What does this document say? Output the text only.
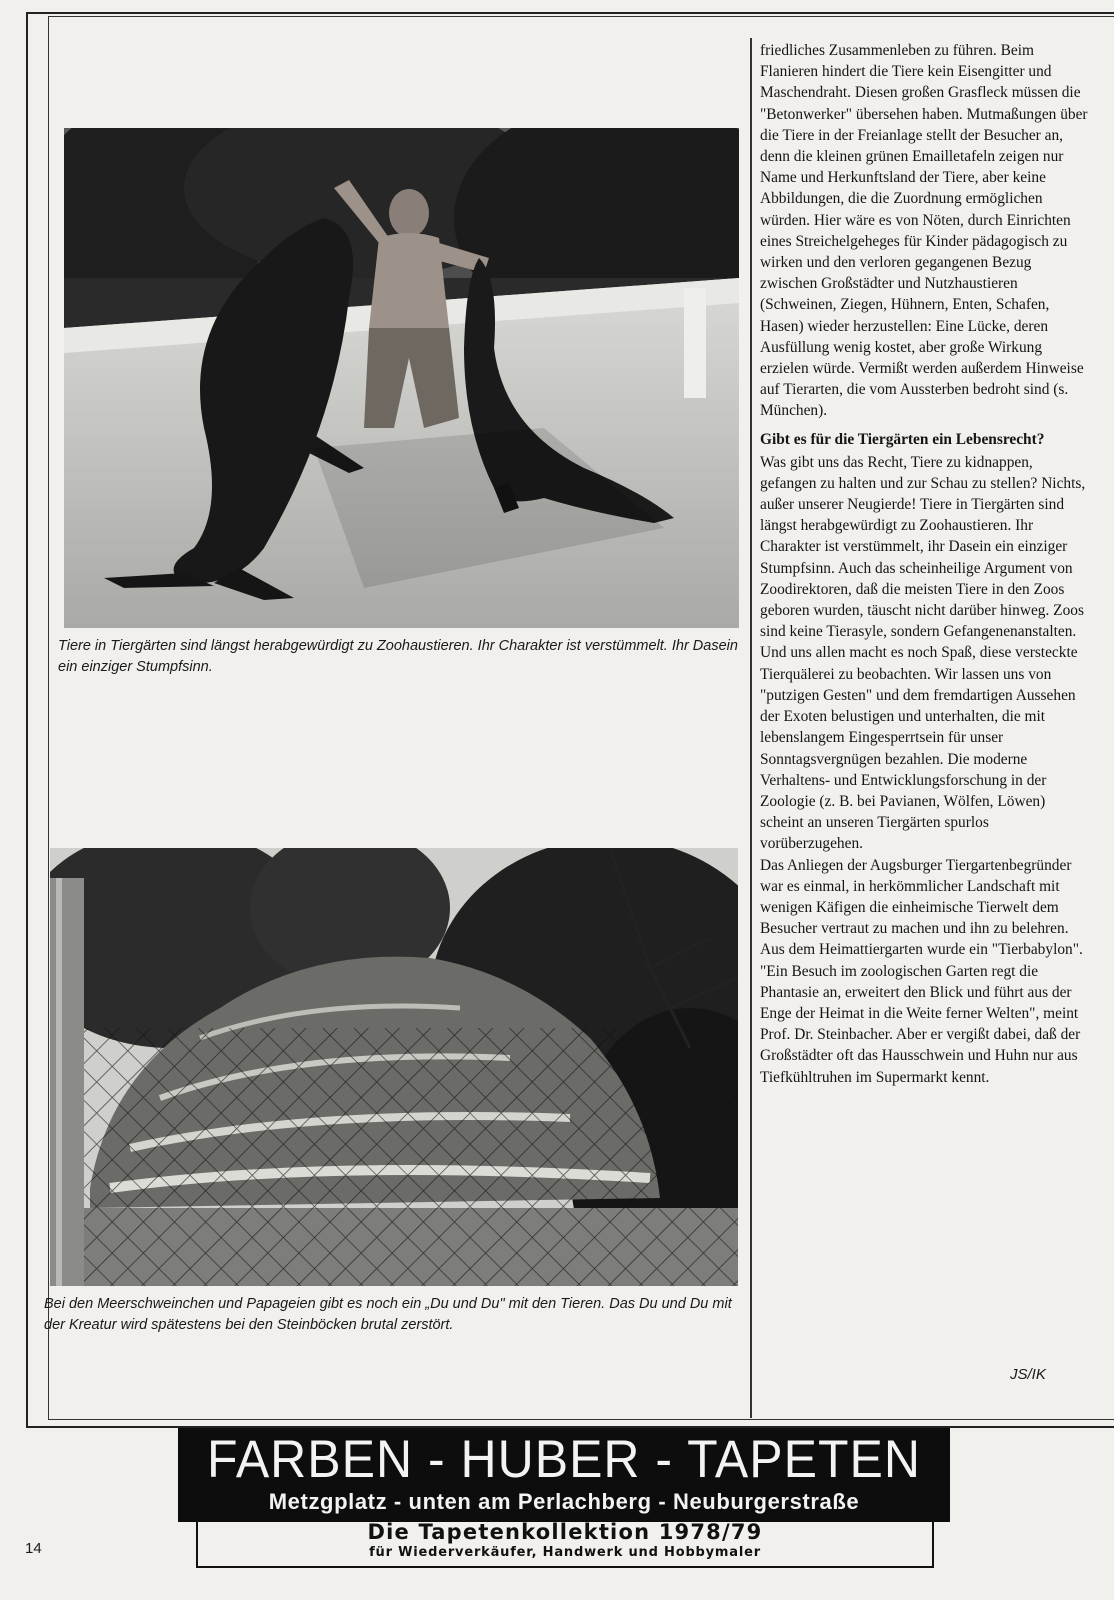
Tiere in Tiergärten sind längst herabgewürdigt zu Zoohaustieren. Ihr Charakter ist verstümmelt. Ihr Dasein ein einziger Stumpfsinn.
Bei den Meerschweinchen und Papageien gibt es noch ein „Du und Du" mit den Tieren. Das Du und Du mit der Kreatur wird spätestens bei den Steinböcken brutal zerstört.

friedliches Zusammenleben zu führen. Beim Flanieren hindert die Tiere kein Eisengitter und Maschendraht. Diesen großen Grasfleck müssen die "Betonwerker" übersehen haben. Mutmaßungen über die Tiere in der Freianlage stellt der Besucher an, denn die kleinen grünen Emailletafeln zeigen nur Name und Herkunftsland der Tiere, aber keine Abbildungen, die die Zuordnung ermöglichen würden. Hier wäre es von Nöten, durch Einrichten eines Streichelgeheges für Kinder pädagogisch zu wirken und den verloren gegangenen Bezug zwischen Großstädter und Nutzhaustieren (Schweinen, Ziegen, Hühnern, Enten, Schafen, Hasen) wieder herzustellen: Eine Lücke, deren Ausfüllung wenig kostet, aber große Wirkung erzielen würde. Vermißt werden außerdem Hinweise auf Tierarten, die vom Aussterben bedroht sind (s. München).

Gibt es für die Tiergärten ein Lebensrecht?

Was gibt uns das Recht, Tiere zu kidnappen, gefangen zu halten und zur Schau zu stellen? Nichts, außer unserer Neugierde! Tiere in Tiergärten sind längst herabgewürdigt zu Zoohaustieren. Ihr Charakter ist verstümmelt, ihr Dasein ein einziger Stumpfsinn. Auch das scheinheilige Argument von Zoodirektoren, daß die meisten Tiere in den Zoos geboren wurden, täuscht nicht darüber hinweg. Zoos sind keine Tierasyle, sondern Gefangenenanstalten. Und uns allen macht es noch Spaß, diese versteckte Tierquälerei zu beobachten. Wir lassen uns von "putzigen Gesten" und dem fremdartigen Aussehen der Exoten belustigen und unterhalten, die mit lebenslangem Eingesperrtsein für unser Sonntagsvergnügen bezahlen. Die moderne Verhaltens- und Entwicklungsforschung in der Zoologie (z. B. bei Pavianen, Wölfen, Löwen) scheint an unseren Tiergärten spurlos vorüberzugehen.

Das Anliegen der Augsburger Tiergartenbegründer war es einmal, in herkömmlicher Landschaft mit wenigen Käfigen die einheimische Tierwelt dem Besucher vertraut zu machen und ihn zu belehren. Aus dem Heimattiergarten wurde ein "Tierbabylon".

"Ein Besuch im zoologischen Garten regt die Phantasie an, erweitert den Blick und führt aus der Enge der Heimat in die Weite ferner Welten", meint Prof. Dr. Steinbacher. Aber er vergißt dabei, daß der Großstädter oft das Hausschwein und Huhn nur aus Tiefkühltruhen im Supermarkt kennt.

JS/IK
FARBEN - HUBER - TAPETEN
Metzgplatz - unten am Perlachberg - Neuburgerstraße
Die Tapetenkollektion 1978/79
für Wiederverkäufer, Handwerk und Hobbymaler
14
